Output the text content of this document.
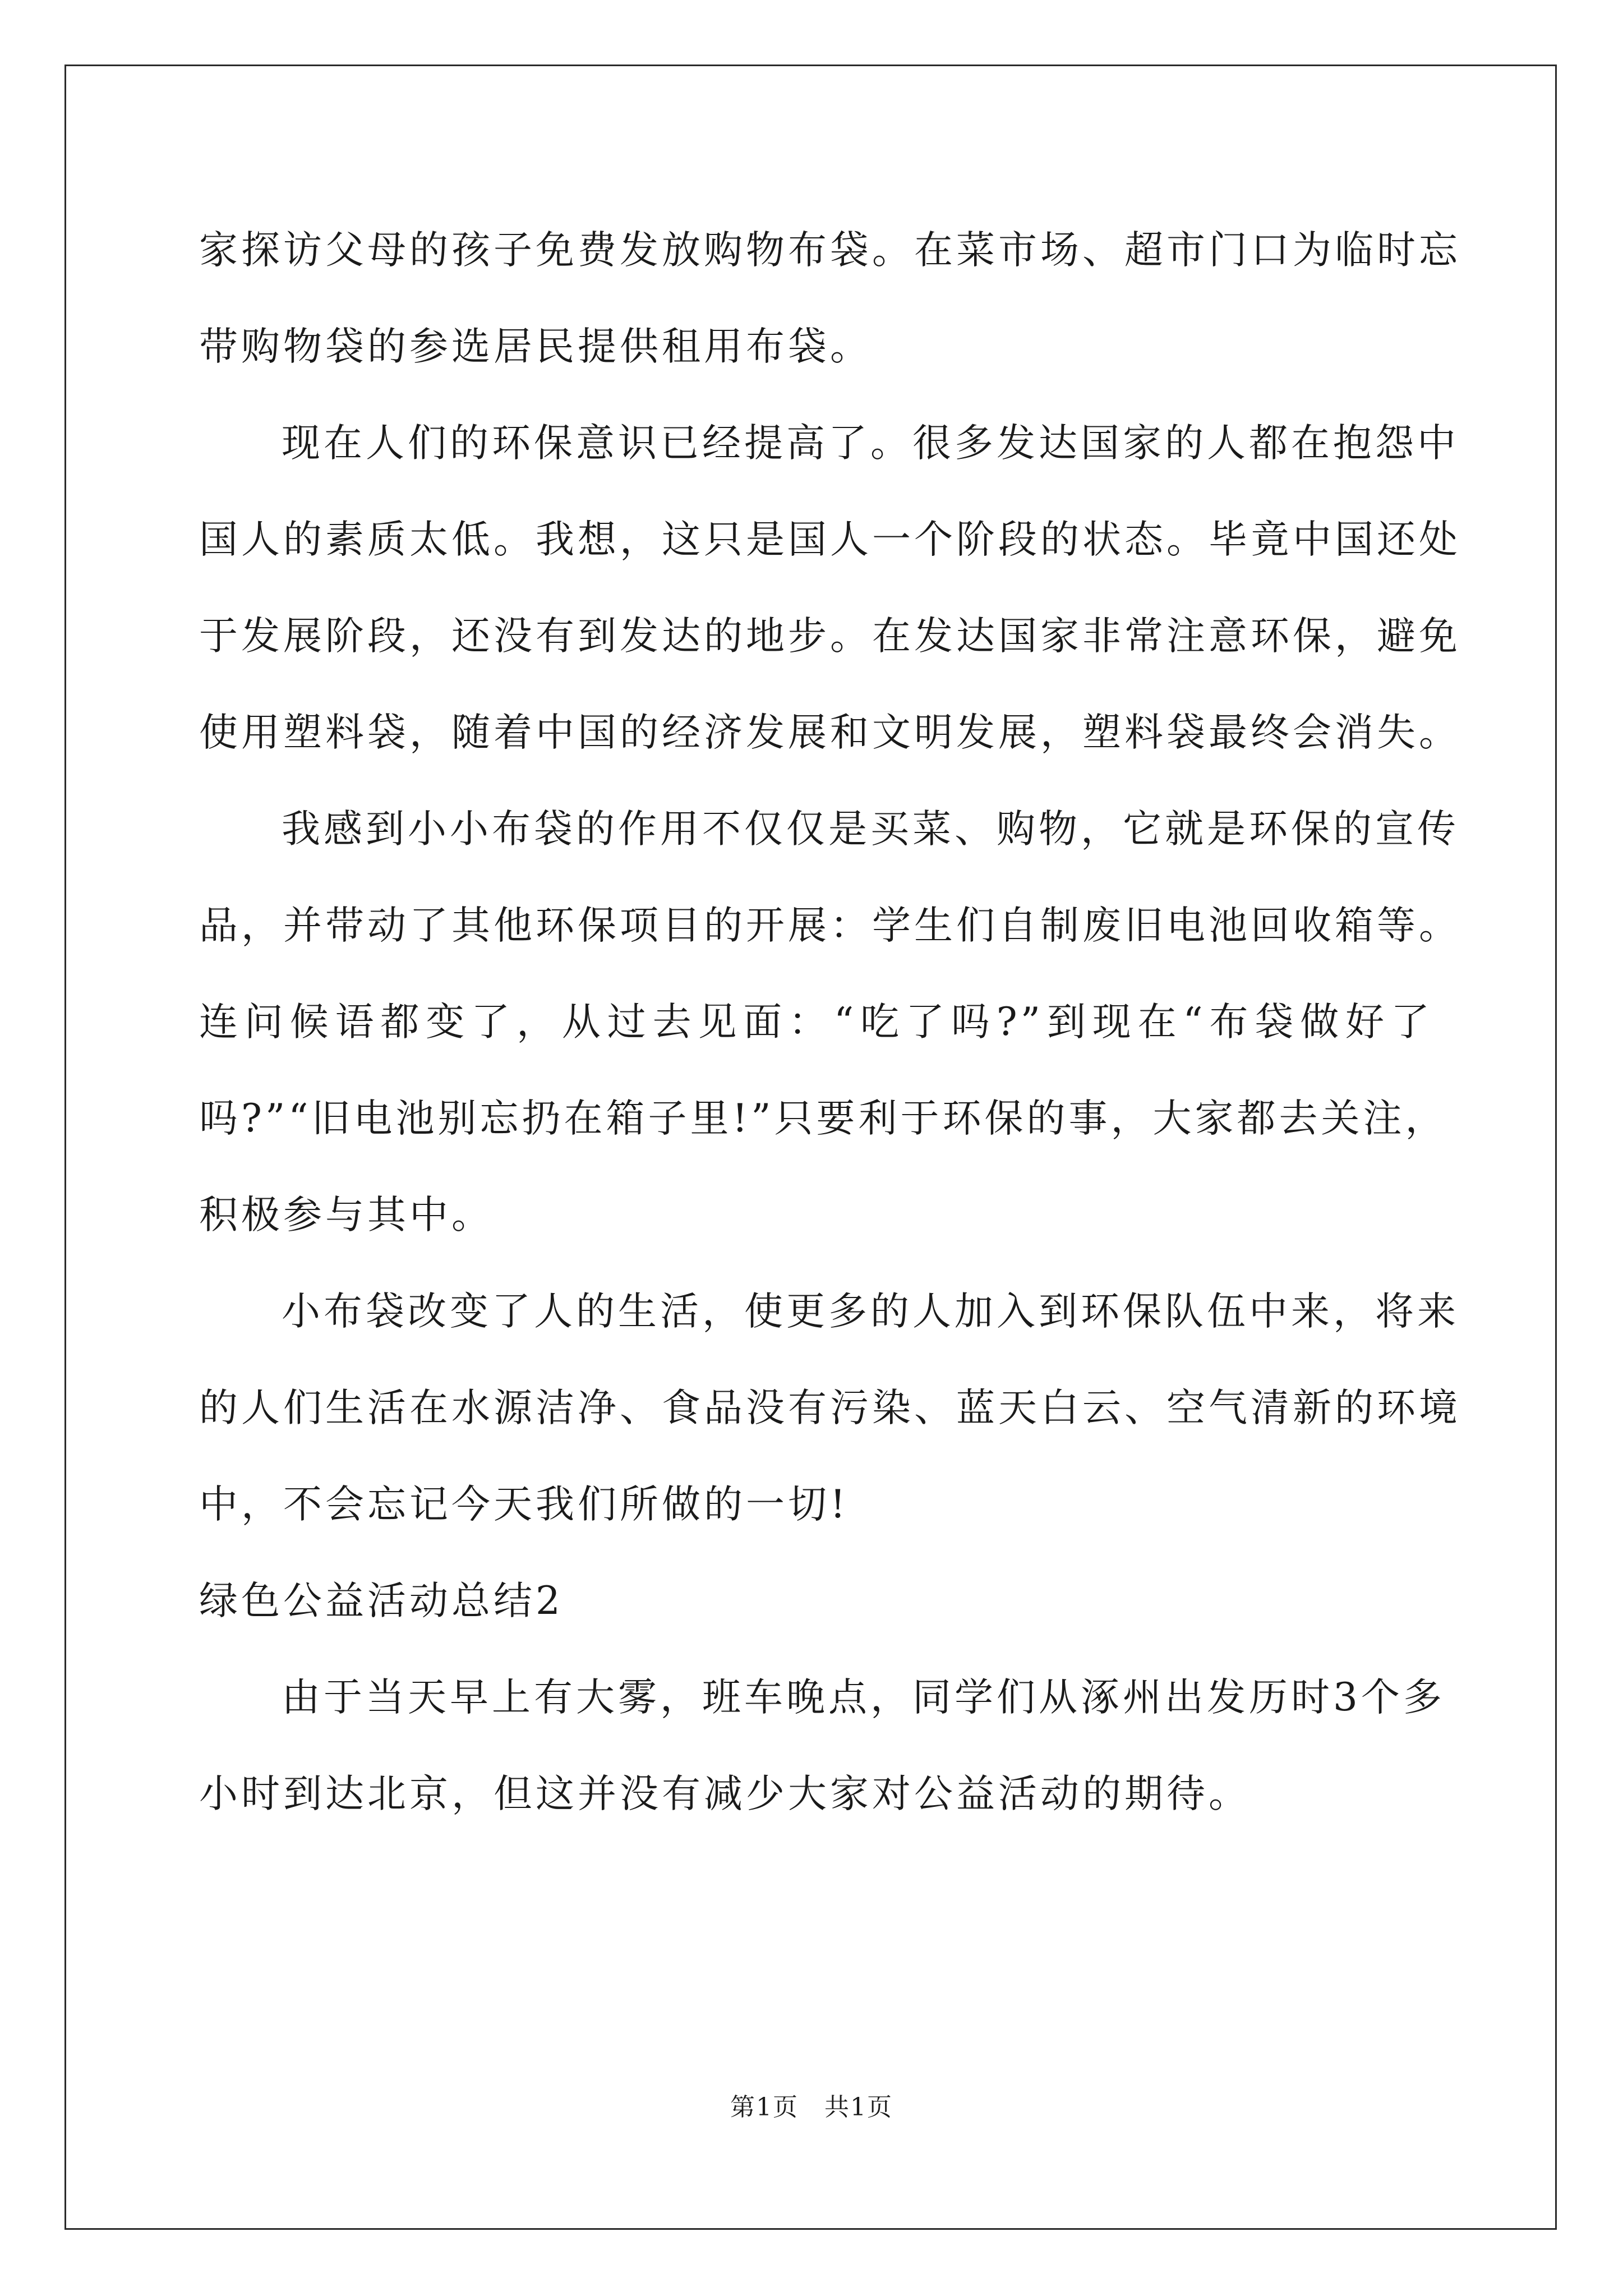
家探访父母的孩子免费发放购物布袋。在菜市场、超市门口为临时忘
带购物袋的参选居民提供租用布袋。
现在人们的环保意识已经提高了。很多发达国家的人都在抱怨中
国人的素质太低。我想，这只是国人一个阶段的状态。毕竟中国还处
于发展阶段，还没有到发达的地步。在发达国家非常注意环保，避免
使用塑料袋，随着中国的经济发展和文明发展，塑料袋最终会消失。
我感到小小布袋的作用不仅仅是买菜、购物，它就是环保的宣传
品，并带动了其他环保项目的开展：学生们自制废旧电池回收箱等。
连问候语都变了，从过去见面：“吃了吗?”到现在“布袋做好了
吗?”“旧电池别忘扔在箱子里!”只要利于环保的事，大家都去关注，
积极参与其中。
小布袋改变了人的生活，使更多的人加入到环保队伍中来，将来
的人们生活在水源洁净、食品没有污染、蓝天白云、空气清新的环境
中，不会忘记今天我们所做的一切!
绿色公益活动总结2
由于当天早上有大雾，班车晚点，同学们从涿州出发历时3个多
小时到达北京，但这并没有减少大家对公益活动的期待。
第1页　共1页
